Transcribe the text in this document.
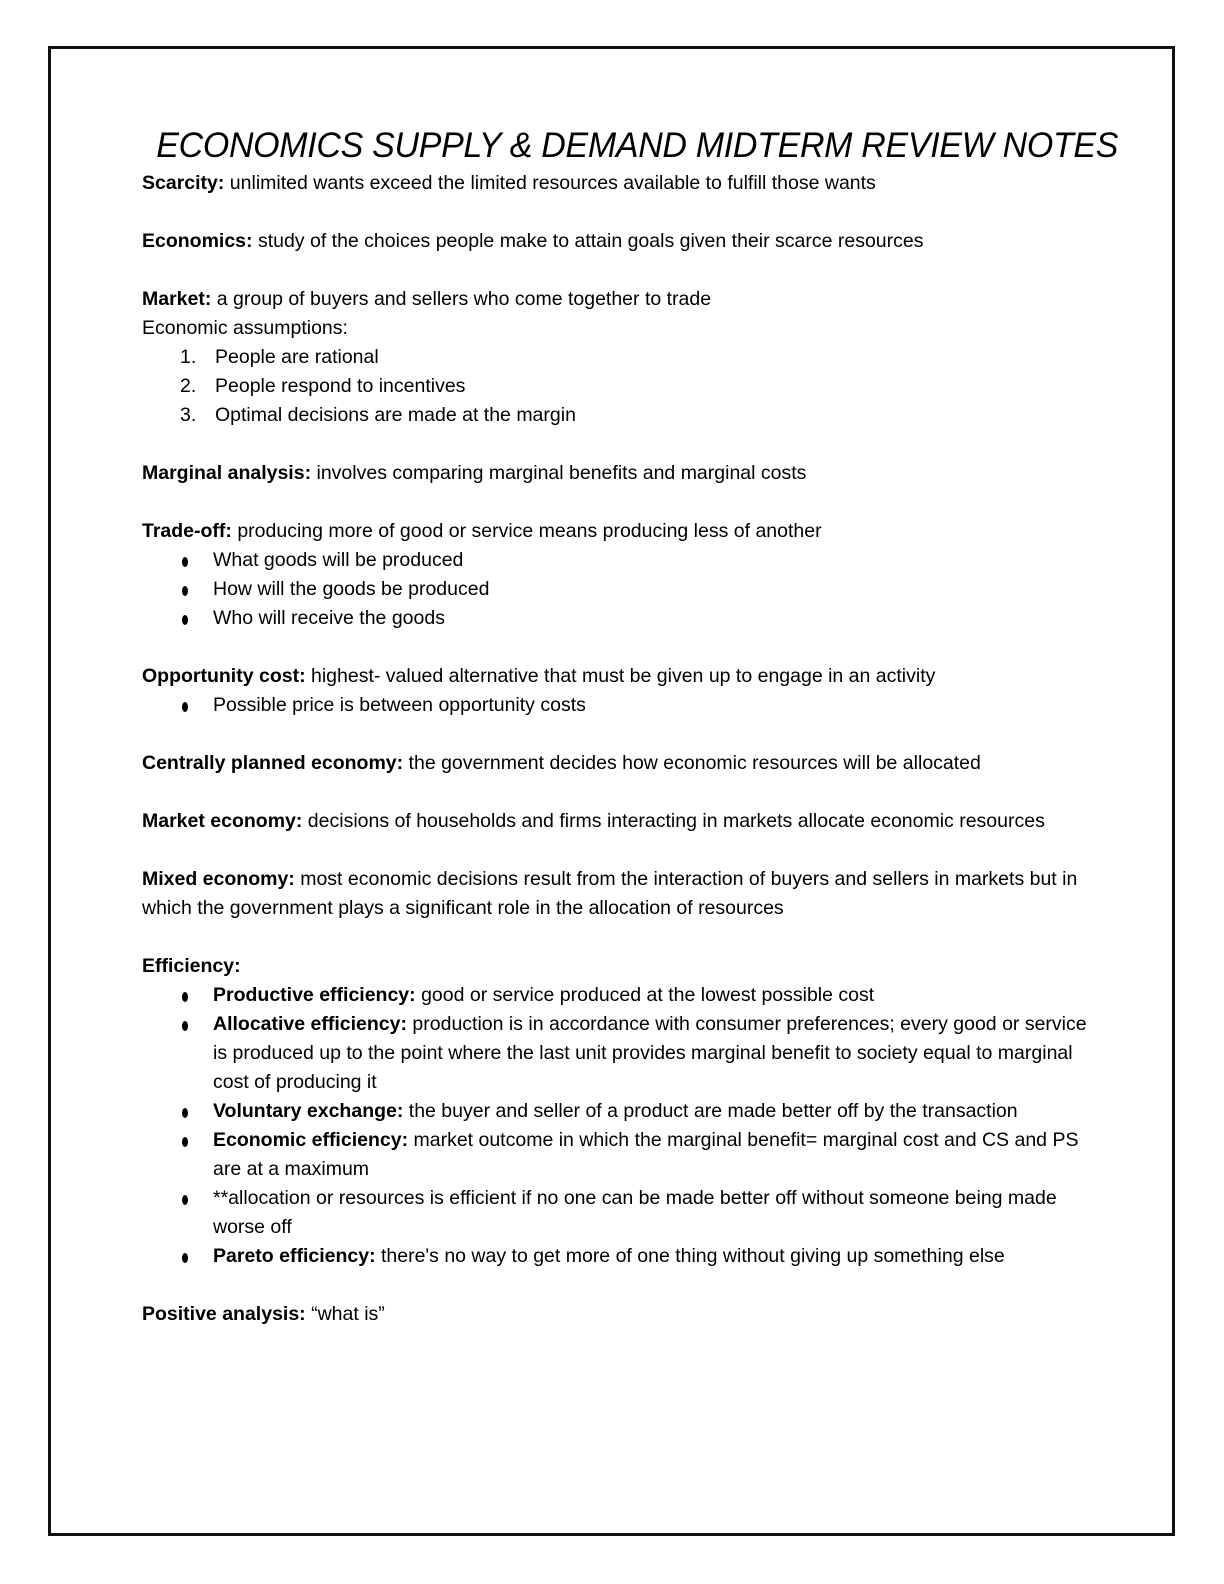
ECONOMICS SUPPLY & DEMAND MIDTERM REVIEW NOTES

Scarcity: unlimited wants exceed the limited resources available to fulfill those wants

Economics: study of the choices people make to attain goals given their scarce resources

Market: a group of buyers and sellers who come together to trade

Economic assumptions:

1. People are rational
2. People respond to incentives
3. Optimal decisions are made at the margin

Marginal analysis: involves comparing marginal benefits and marginal costs

Trade-off: producing more of good or service means producing less of another

What goods will be produced
How will the goods be produced
Who will receive the goods

Opportunity cost: highest- valued alternative that must be given up to engage in an activity

Possible price is between opportunity costs

Centrally planned economy: the government decides how economic resources will be allocated

Market economy: decisions of households and firms interacting in markets allocate economic resources

Mixed economy: most economic decisions result from the interaction of buyers and sellers in markets but in which the government plays a significant role in the allocation of resources

Efficiency:

Productive efficiency: good or service produced at the lowest possible cost
Allocative efficiency: production is in accordance with consumer preferences; every good or service is produced up to the point where the last unit provides marginal benefit to society equal to marginal cost of producing it
Voluntary exchange: the buyer and seller of a product are made better off by the transaction
Economic efficiency: market outcome in which the marginal benefit= marginal cost and CS and PS are at a maximum
**allocation or resources is efficient if no one can be made better off without someone being made worse off
Pareto efficiency: there's no way to get more of one thing without giving up something else

Positive analysis: “what is”
